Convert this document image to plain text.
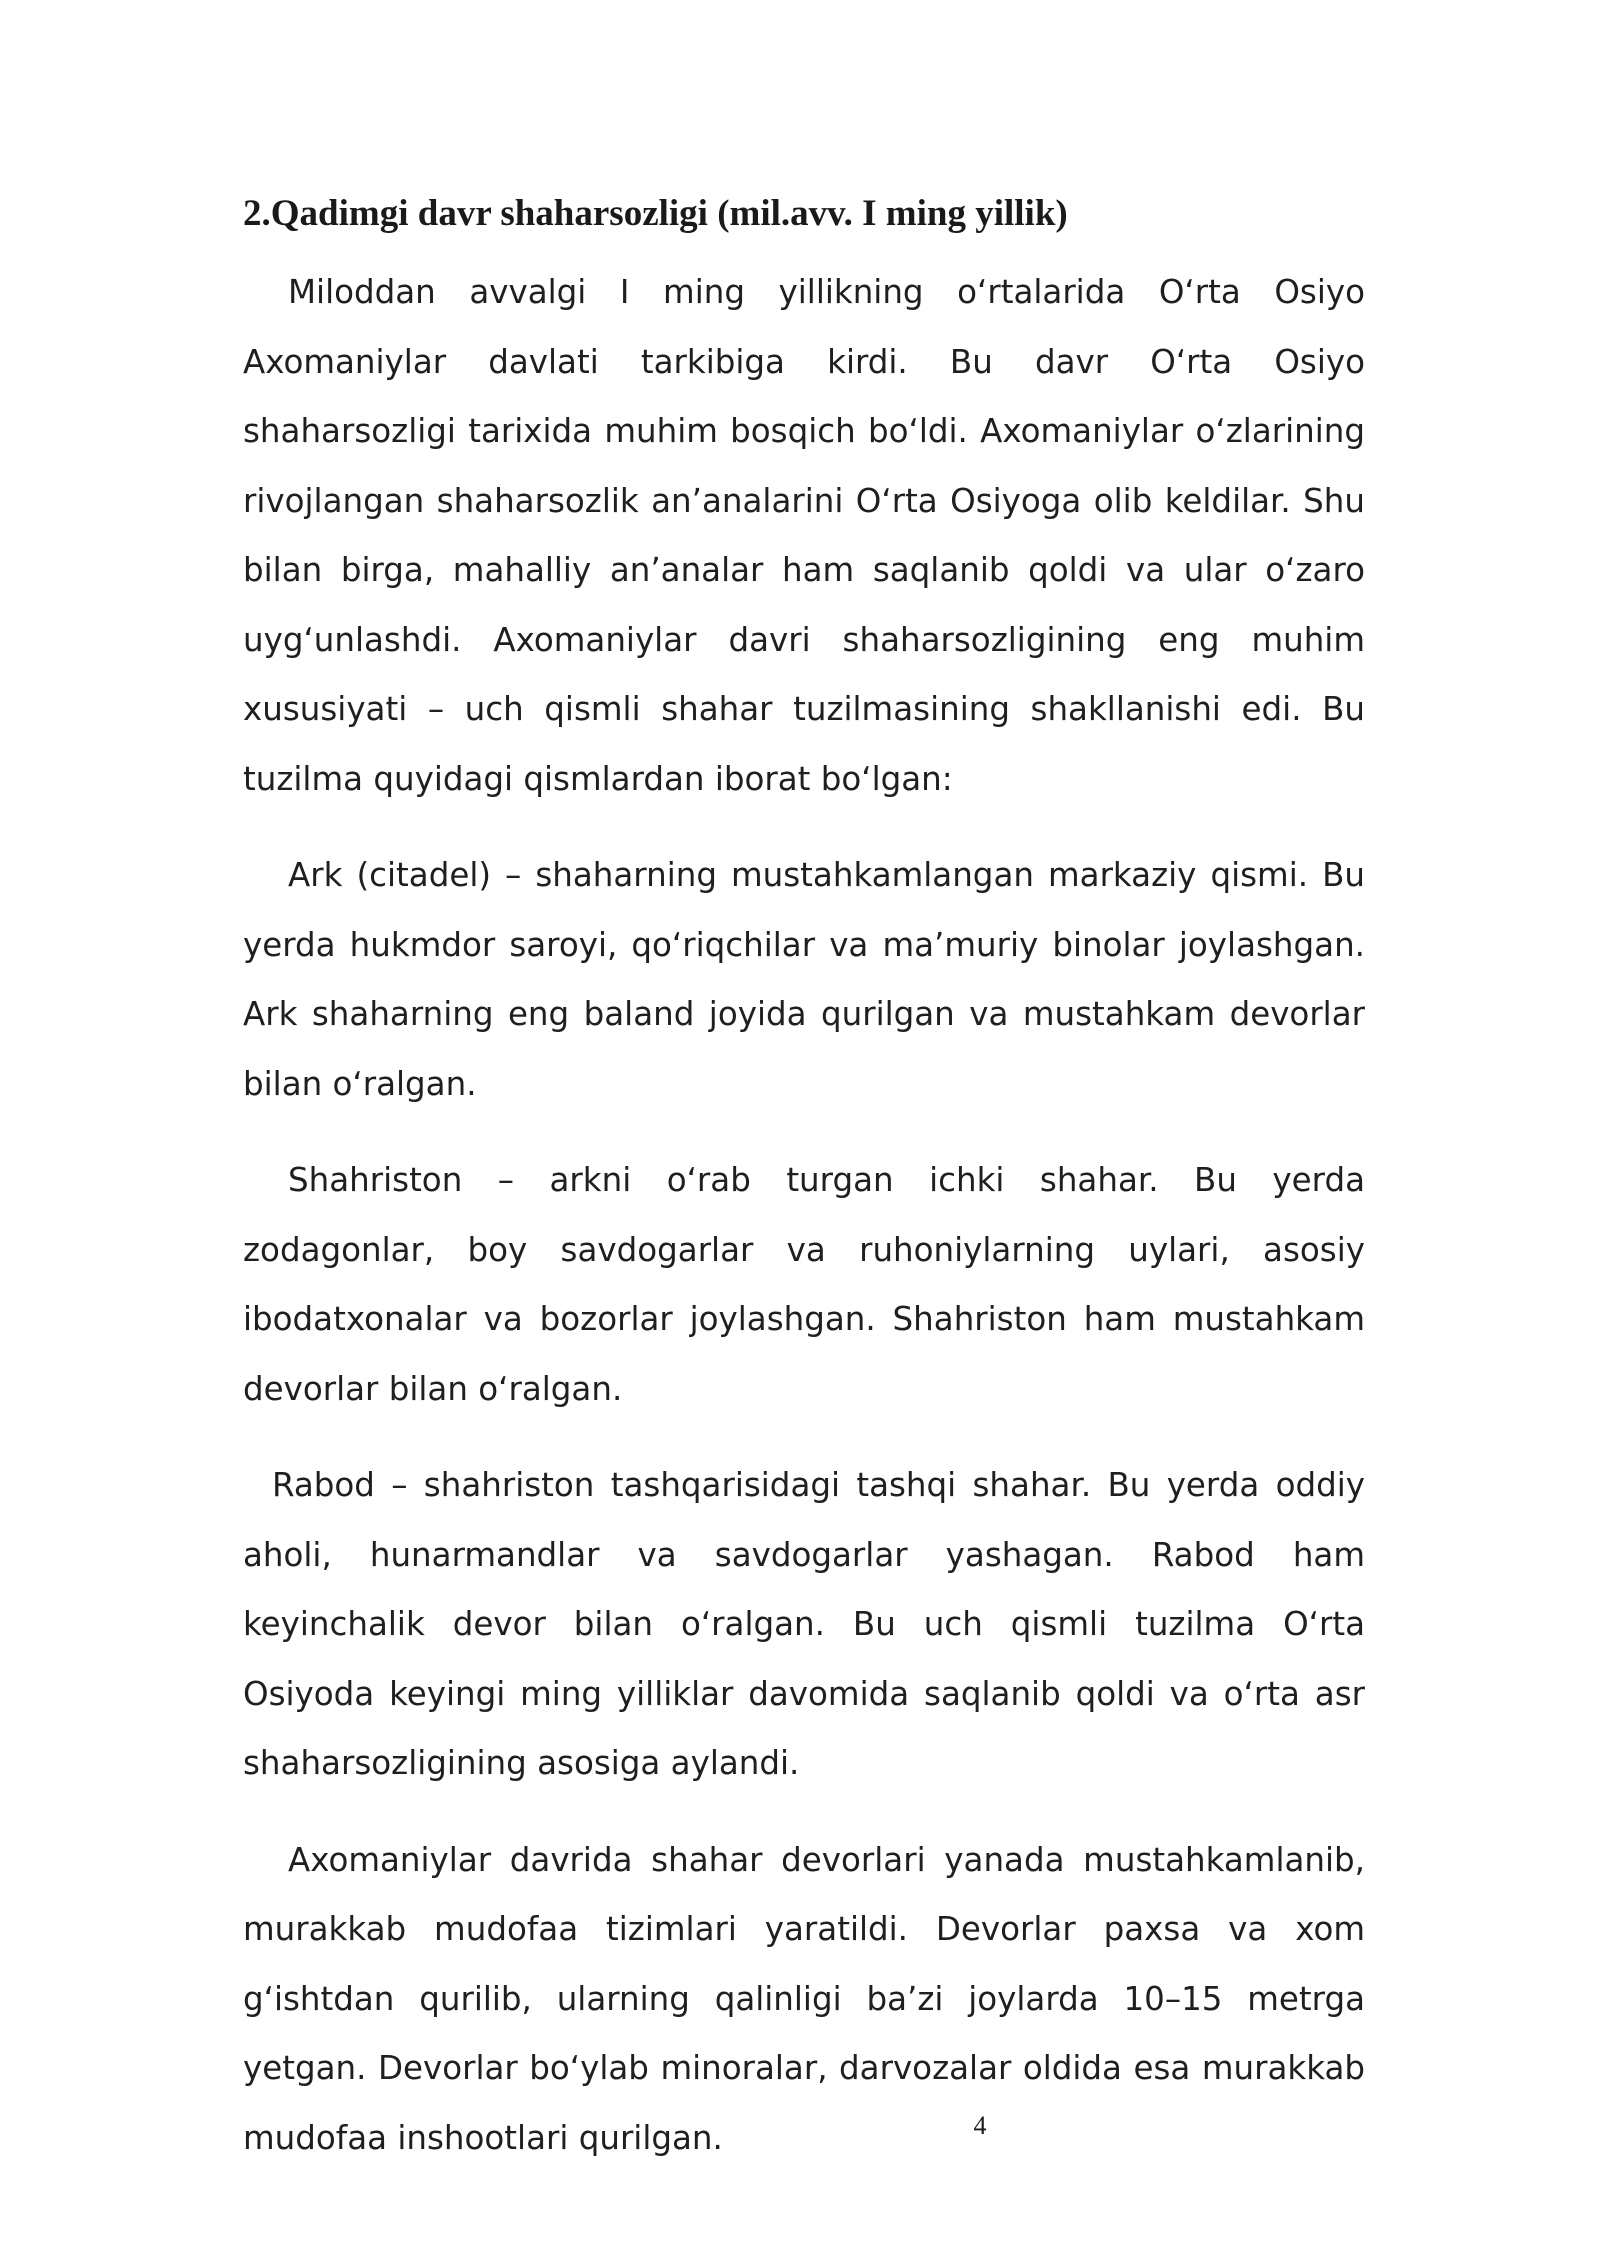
2.Qadimgi davr shaharsozligi (mil.avv. I ming yillik)

Miloddan avvalgi I ming yillikning oʻrtalarida Oʻrta Osiyo Axomaniylar davlati tarkibiga kirdi. Bu davr Oʻrta Osiyo shaharsozligi tarixida muhim bosqich boʻldi. Axomaniylar oʻzlarining rivojlangan shaharsozlik an’analarini Oʻrta Osiyoga olib keldilar. Shu bilan birga, mahalliy an’analar ham saqlanib qoldi va ular oʻzaro uygʻunlashdi. Axomaniylar davri shaharsozligining eng muhim xususiyati – uch qismli shahar tuzilmasining shakllanishi edi. Bu tuzilma quyidagi qismlardan iborat boʻlgan:

Ark (citadel) – shaharning mustahkamlangan markaziy qismi. Bu yerda hukmdor saroyi, qoʻriqchilar va ma’muriy binolar joylashgan. Ark shaharning eng baland joyida qurilgan va mustahkam devorlar bilan oʻralgan.

Shahriston – arkni oʻrab turgan ichki shahar. Bu yerda zodagonlar, boy savdogarlar va ruhoniylarning uylari, asosiy ibodatxonalar va bozorlar joylashgan. Shahriston ham mustahkam devorlar bilan oʻralgan.

Rabod – shahriston tashqarisidagi tashqi shahar. Bu yerda oddiy aholi, hunarmandlar va savdogarlar yashagan. Rabod ham keyinchalik devor bilan oʻralgan. Bu uch qismli tuzilma Oʻrta Osiyoda keyingi ming yilliklar davomida saqlanib qoldi va oʻrta asr shaharsozligining asosiga aylandi.

Axomaniylar davrida shahar devorlari yanada mustahkamlanib, murakkab mudofaa tizimlari yaratildi. Devorlar paxsa va xom gʻishtdan qurilib, ularning qalinligi ba’zi joylarda 10–15 metrga yetgan. Devorlar boʻylab minoralar, darvozalar oldida esa murakkab mudofaa inshootlari qurilgan.	4
